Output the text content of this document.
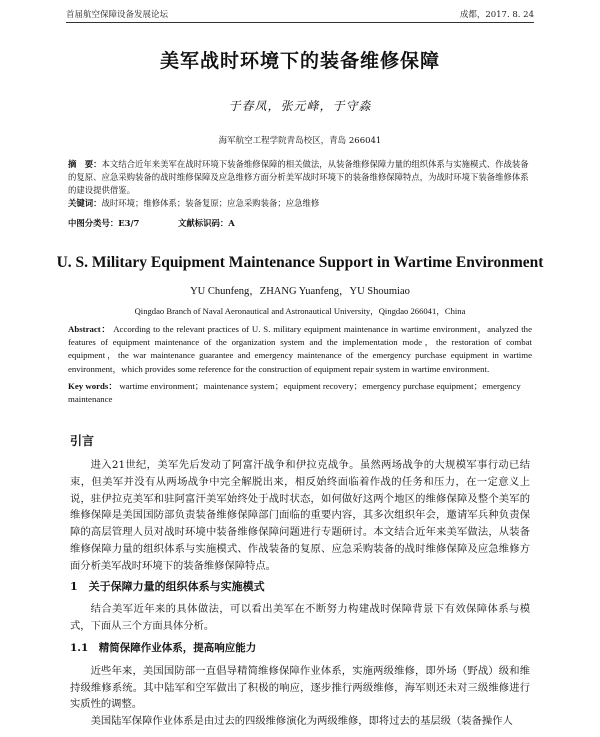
首届航空保障设备发展论坛	成都，2017. 8. 24
美军战时环境下的装备维修保障
于春凤，张元峰，于守淼
海军航空工程学院青岛校区，青岛 266041
摘　要：本文结合近年来美军在战时环境下装备维修保障的相关做法，从装备维修保障力量的组织体系与实施模式、作战装备的复原、应急采购装备的战时维修保障及应急维修方面分析美军战时环境下的装备维修保障特点，为战时环境下装备维修体系的建设提供借鉴。
关键词：战时环境；维修体系；装备复原；应急采购装备；应急维修
中图分类号：E3/7	文献标识码：A
U. S. Military Equipment Maintenance Support in Wartime Environment
YU Chunfeng，ZHANG Yuanfeng，YU Shoumiao
Qingdao Branch of Naval Aeronautical and Astronautical University，Qingdao 266041，China
Abstract： According to the relevant practices of U. S. military equipment maintenance in wartime environment，analyzed the features of equipment maintenance of the organization system and the implementation mode，the restoration of combat equipment，the war maintenance guarantee and emergency maintenance of the emergency purchase equipment in wartime environment，which provides some reference for the construction of equipment repair system in wartime environment.
Key words： wartime environment；maintenance system；equipment recovery；emergency purchase equipment；emergency maintenance
引言
进入21世纪，美军先后发动了阿富汗战争和伊拉克战争。虽然两场战争的大规模军事行动已结束，但美军并没有从两场战争中完全解脱出来，相反始终面临着作战的任务和压力，在一定意义上说，驻伊拉克美军和驻阿富汗美军始终处于战时状态，如何做好这两个地区的维修保障及整个美军的维修保障是美国国防部负责装备维修保障部门面临的重要内容，其多次组织年会，邀请军兵种负责保障的高层管理人员对战时环境中装备维修保障问题进行专题研讨。本文结合近年来美军做法，从装备维修保障力量的组织体系与实施模式、作战装备的复原、应急采购装备的战时维修保障及应急维修方面分析美军战时环境下的装备维修保障特点。
1　关于保障力量的组织体系与实施模式
结合美军近年来的具体做法，可以看出美军在不断努力构建战时保障背景下有效保障体系与模式，下面从三个方面具体分析。
1.1　精简保障作业体系，提高响应能力
近些年来，美国国防部一直倡导精简维修保障作业体系，实施两级维修，即外场（野战）级和维持级维修系统。其中陆军和空军做出了积极的响应，逐步推行两级维修，海军则还未对三级维修进行实质性的调整。
美国陆军保障作业体系是由过去的四级维修演化为两级维修，即将过去的基层级（装备操作人
